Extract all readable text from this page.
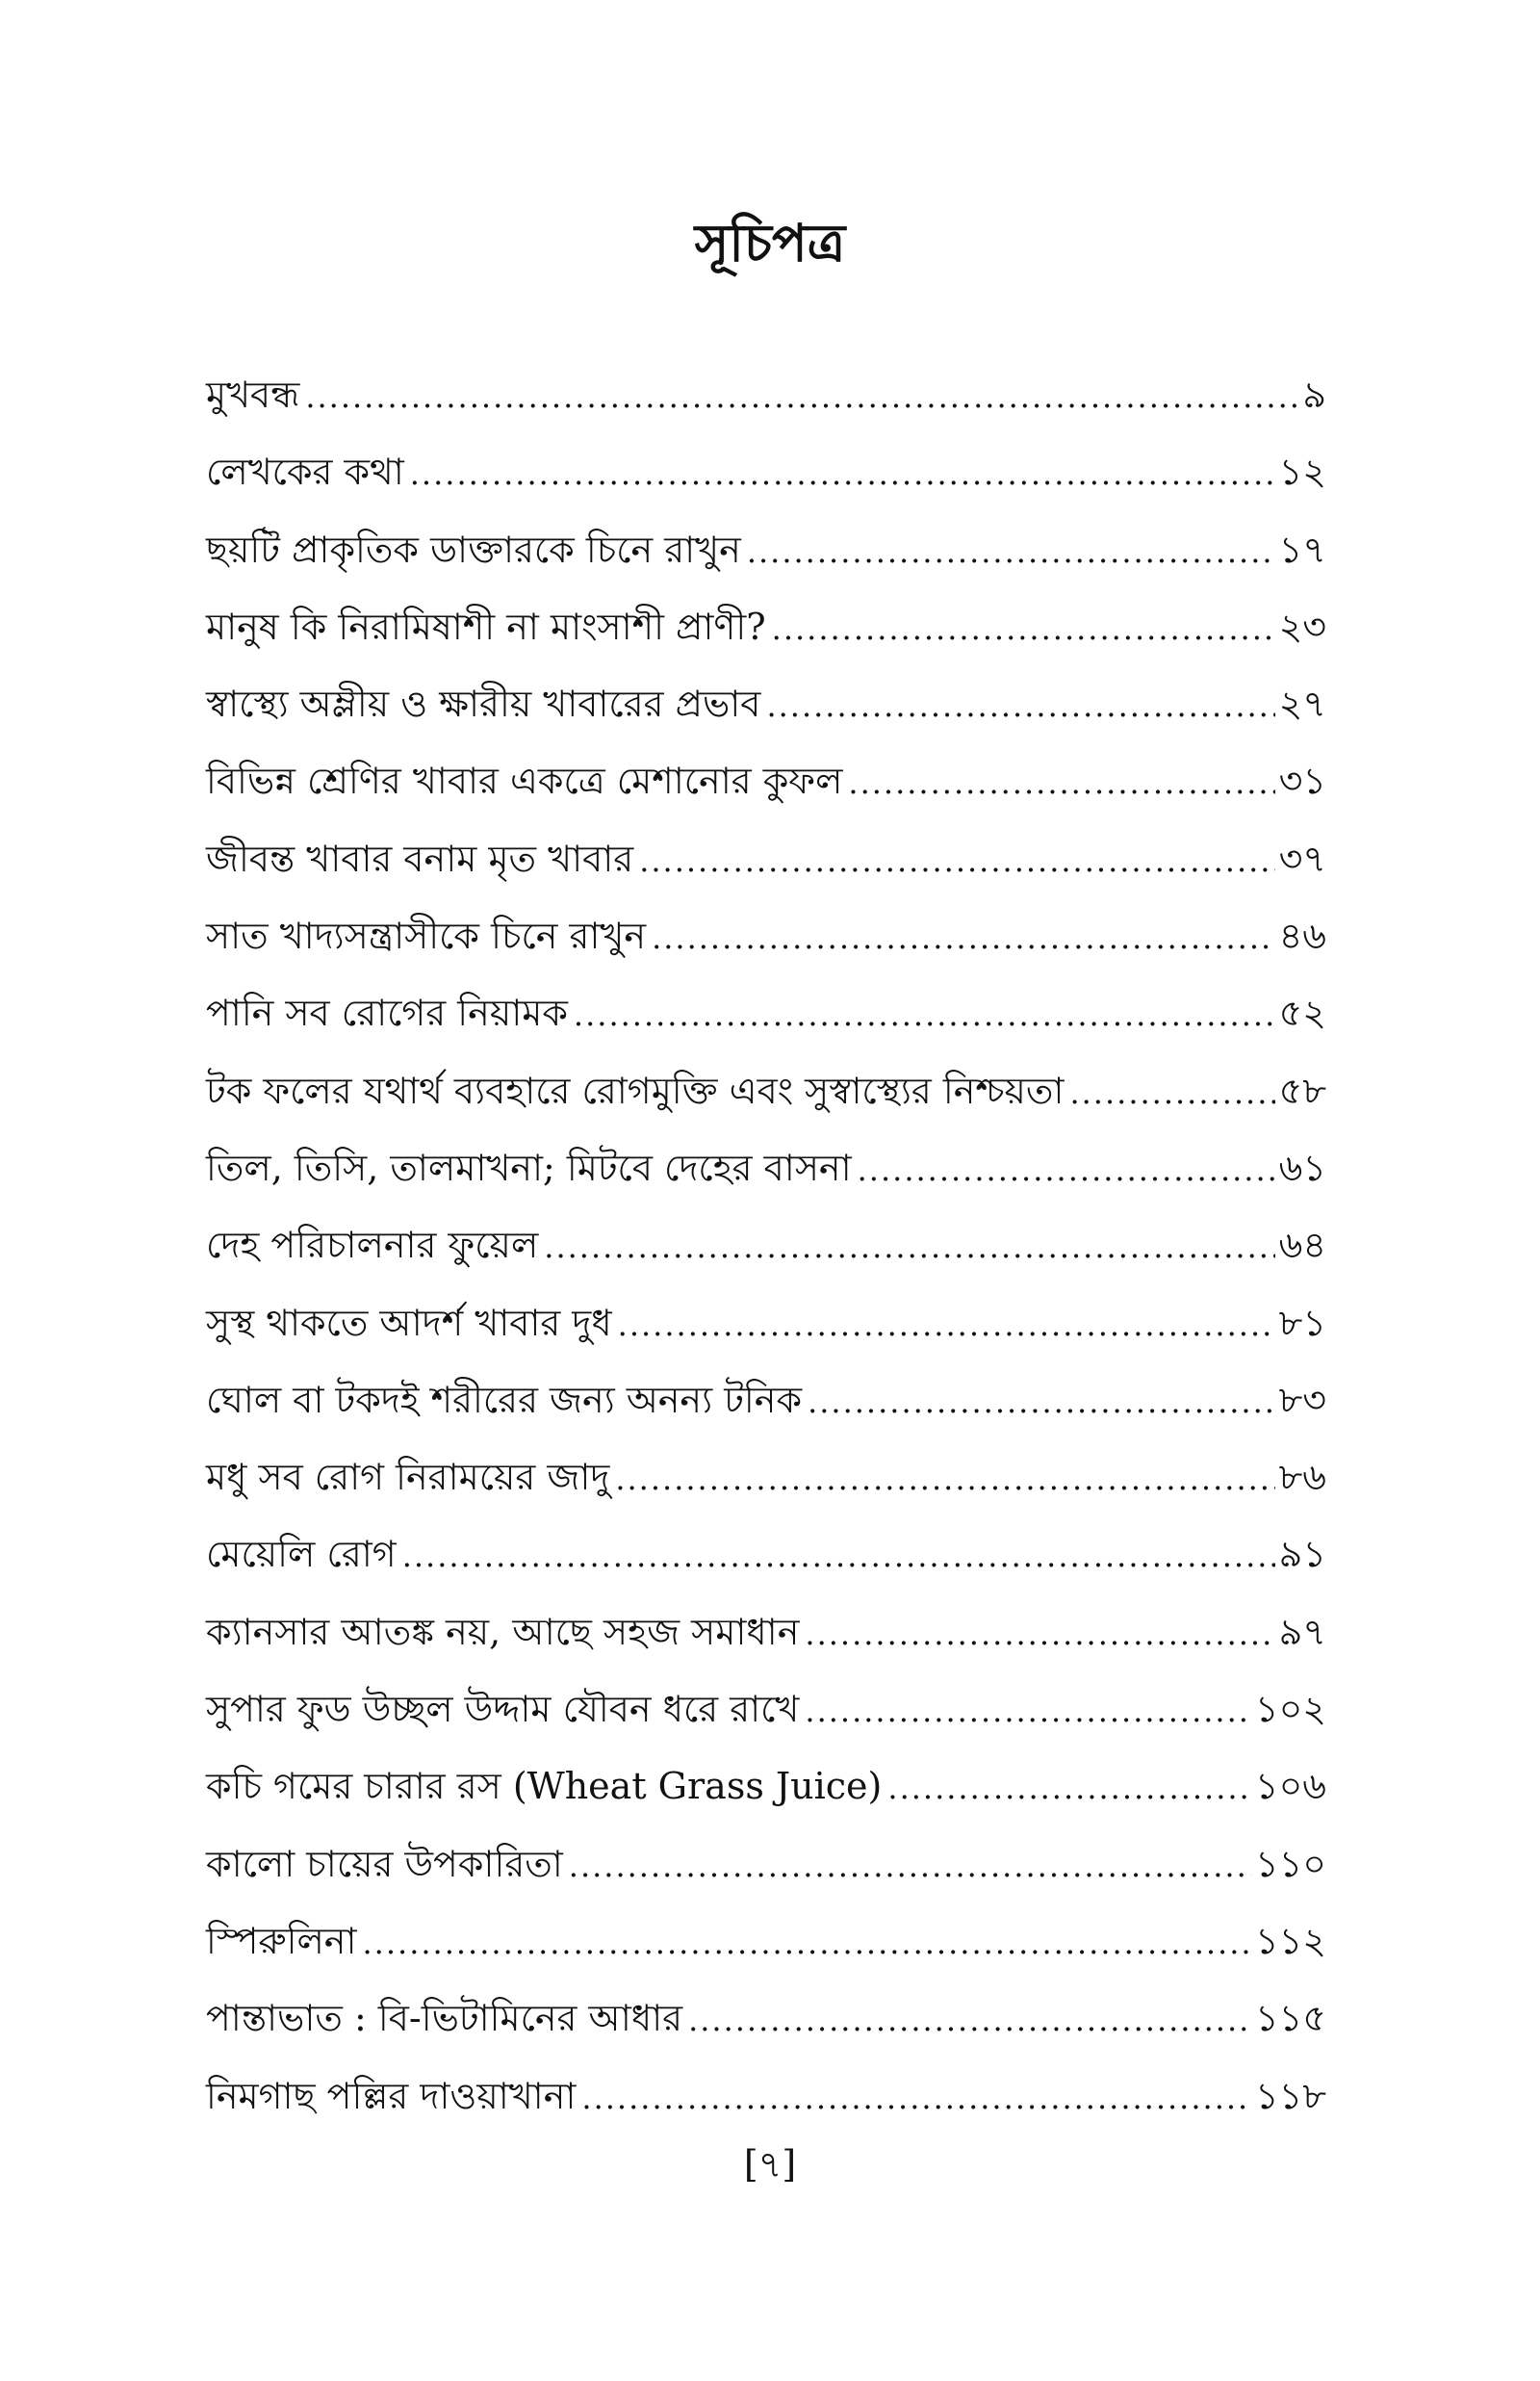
সূচিপত্র
মুখবন্ধ .....	৯
লেখকের কথা .....	১২
ছয়টি প্রাকৃতিক ডাক্তারকে চিনে রাখুন .....	১৭
মানুষ কি নিরামিষাশী না মাংসাশী প্রাণী? .....	২৩
স্বাস্থ্যে অম্লীয় ও ক্ষারীয় খাবারের প্রভাব .....	২৭
বিভিন্ন শ্রেণির খাবার একত্রে মেশানোর কুফল .....	৩১
জীবন্ত খাবার বনাম মৃত খাবার .....	৩৭
সাত খাদ্যসন্ত্রাসীকে চিনে রাখুন .....	৪৬
পানি সব রোগের নিয়ামক .....	৫২
টক ফলের যথার্থ ব্যবহারে রোগমুক্তি এবং সুস্বাস্থ্যের নিশ্চয়তা .....	৫৮
তিল, তিসি, তালমাখনা; মিটবে দেহের বাসনা .....	৬১
দেহ পরিচালনার ফুয়েল .....	৬৪
সুস্থ থাকতে আদর্শ খাবার দুধ .....	৮১
ঘোল বা টকদই শরীরের জন্য অনন্য টনিক .....	৮৩
মধু সব রোগ নিরাময়ের জাদু .....	৮৬
মেয়েলি রোগ .....	৯১
ক্যানসার আতঙ্ক নয়, আছে সহজ সমাধান .....	৯৭
সুপার ফুড উচ্ছল উদ্দাম যৌবন ধরে রাখে .....	১০২
কচি গমের চারার রস (Wheat Grass Juice) .....	১০৬
কালো চায়ের উপকারিতা .....	১১০
স্পিরুলিনা .....	১১২
পান্তাভাত : বি-ভিটামিনের আধার .....	১১৫
নিমগাছ পল্লির দাওয়াখানা .....	১১৮
[৭]
